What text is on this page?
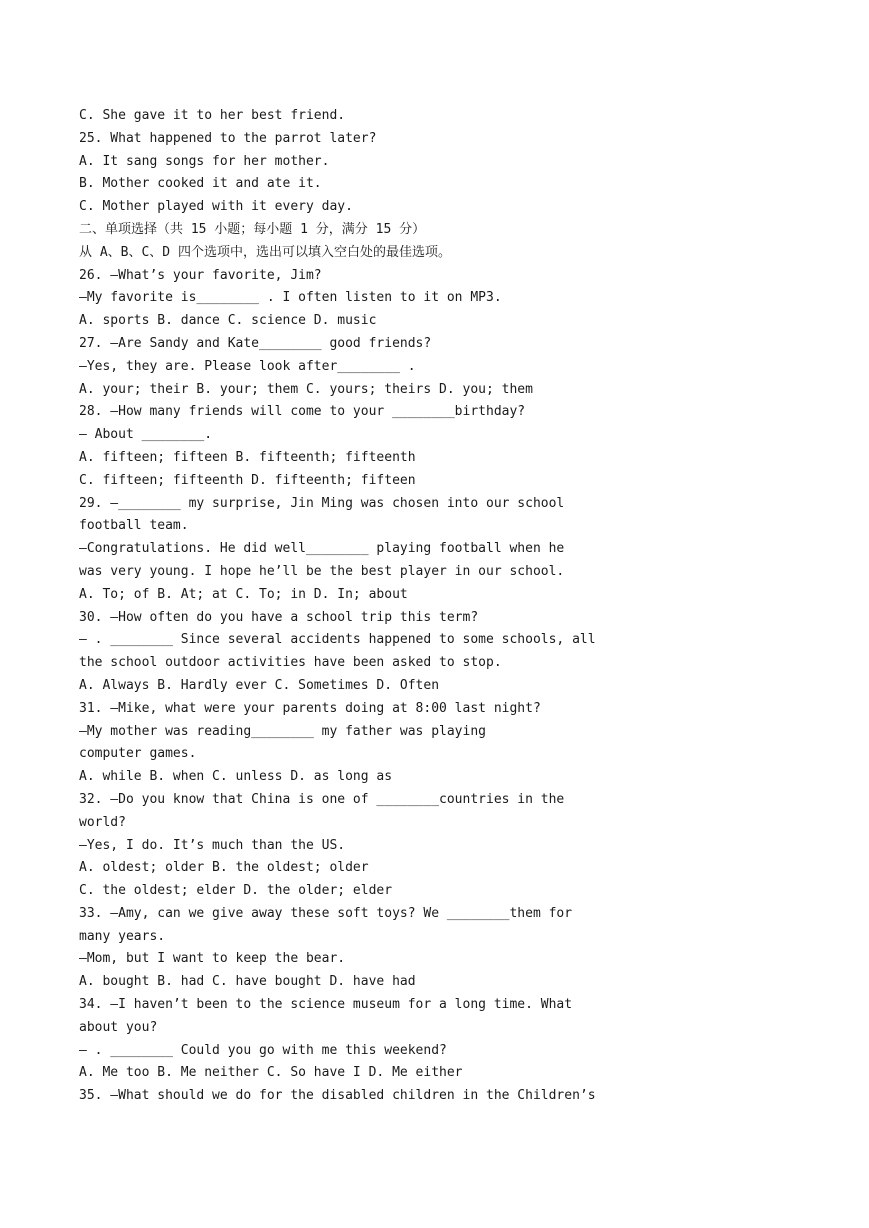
C. She gave it to her best friend.
25. What happened to the parrot later?
A. It sang songs for her mother.
B. Mother cooked it and ate it.
C. Mother played with it every day.
二、单项选择（共 15 小题；每小题 1 分，满分 15 分）
从 A、B、C、D 四个选项中，选出可以填入空白处的最佳选项。
26. —What’s your favorite, Jim?
—My favorite is________ . I often listen to it on MP3.
A. sports B. dance C. science D. music
27. —Are Sandy and Kate________ good friends?
—Yes, they are. Please look after________ .
A. your; their B. your; them C. yours; theirs D. you; them
28. —How many friends will come to your ________birthday?
— About ________.
A. fifteen; fifteen B. fifteenth; fifteenth
C. fifteen; fifteenth D. fifteenth; fifteen
29. —________ my surprise, Jin Ming was chosen into our school
football team.
—Congratulations. He did well________ playing football when he
was very young. I hope he’ll be the best player in our school.
A. To; of B. At; at C. To; in D. In; about
30. —How often do you have a school trip this term?
— . ________ Since several accidents happened to some schools, all
the school outdoor activities have been asked to stop.
A. Always B. Hardly ever C. Sometimes D. Often
31. —Mike, what were your parents doing at 8:00 last night?
—My mother was reading________ my father was playing
computer games.
A. while B. when C. unless D. as long as
32. —Do you know that China is one of ________countries in the
world?
—Yes, I do. It’s much than the US.
A. oldest; older B. the oldest; older
C. the oldest; elder D. the older; elder
33. —Amy, can we give away these soft toys? We ________them for
many years.
—Mom, but I want to keep the bear.
A. bought B. had C. have bought D. have had
34. —I haven’t been to the science museum for a long time. What
about you?
— . ________ Could you go with me this weekend?
A. Me too B. Me neither C. So have I D. Me either
35. —What should we do for the disabled children in the Children’s
